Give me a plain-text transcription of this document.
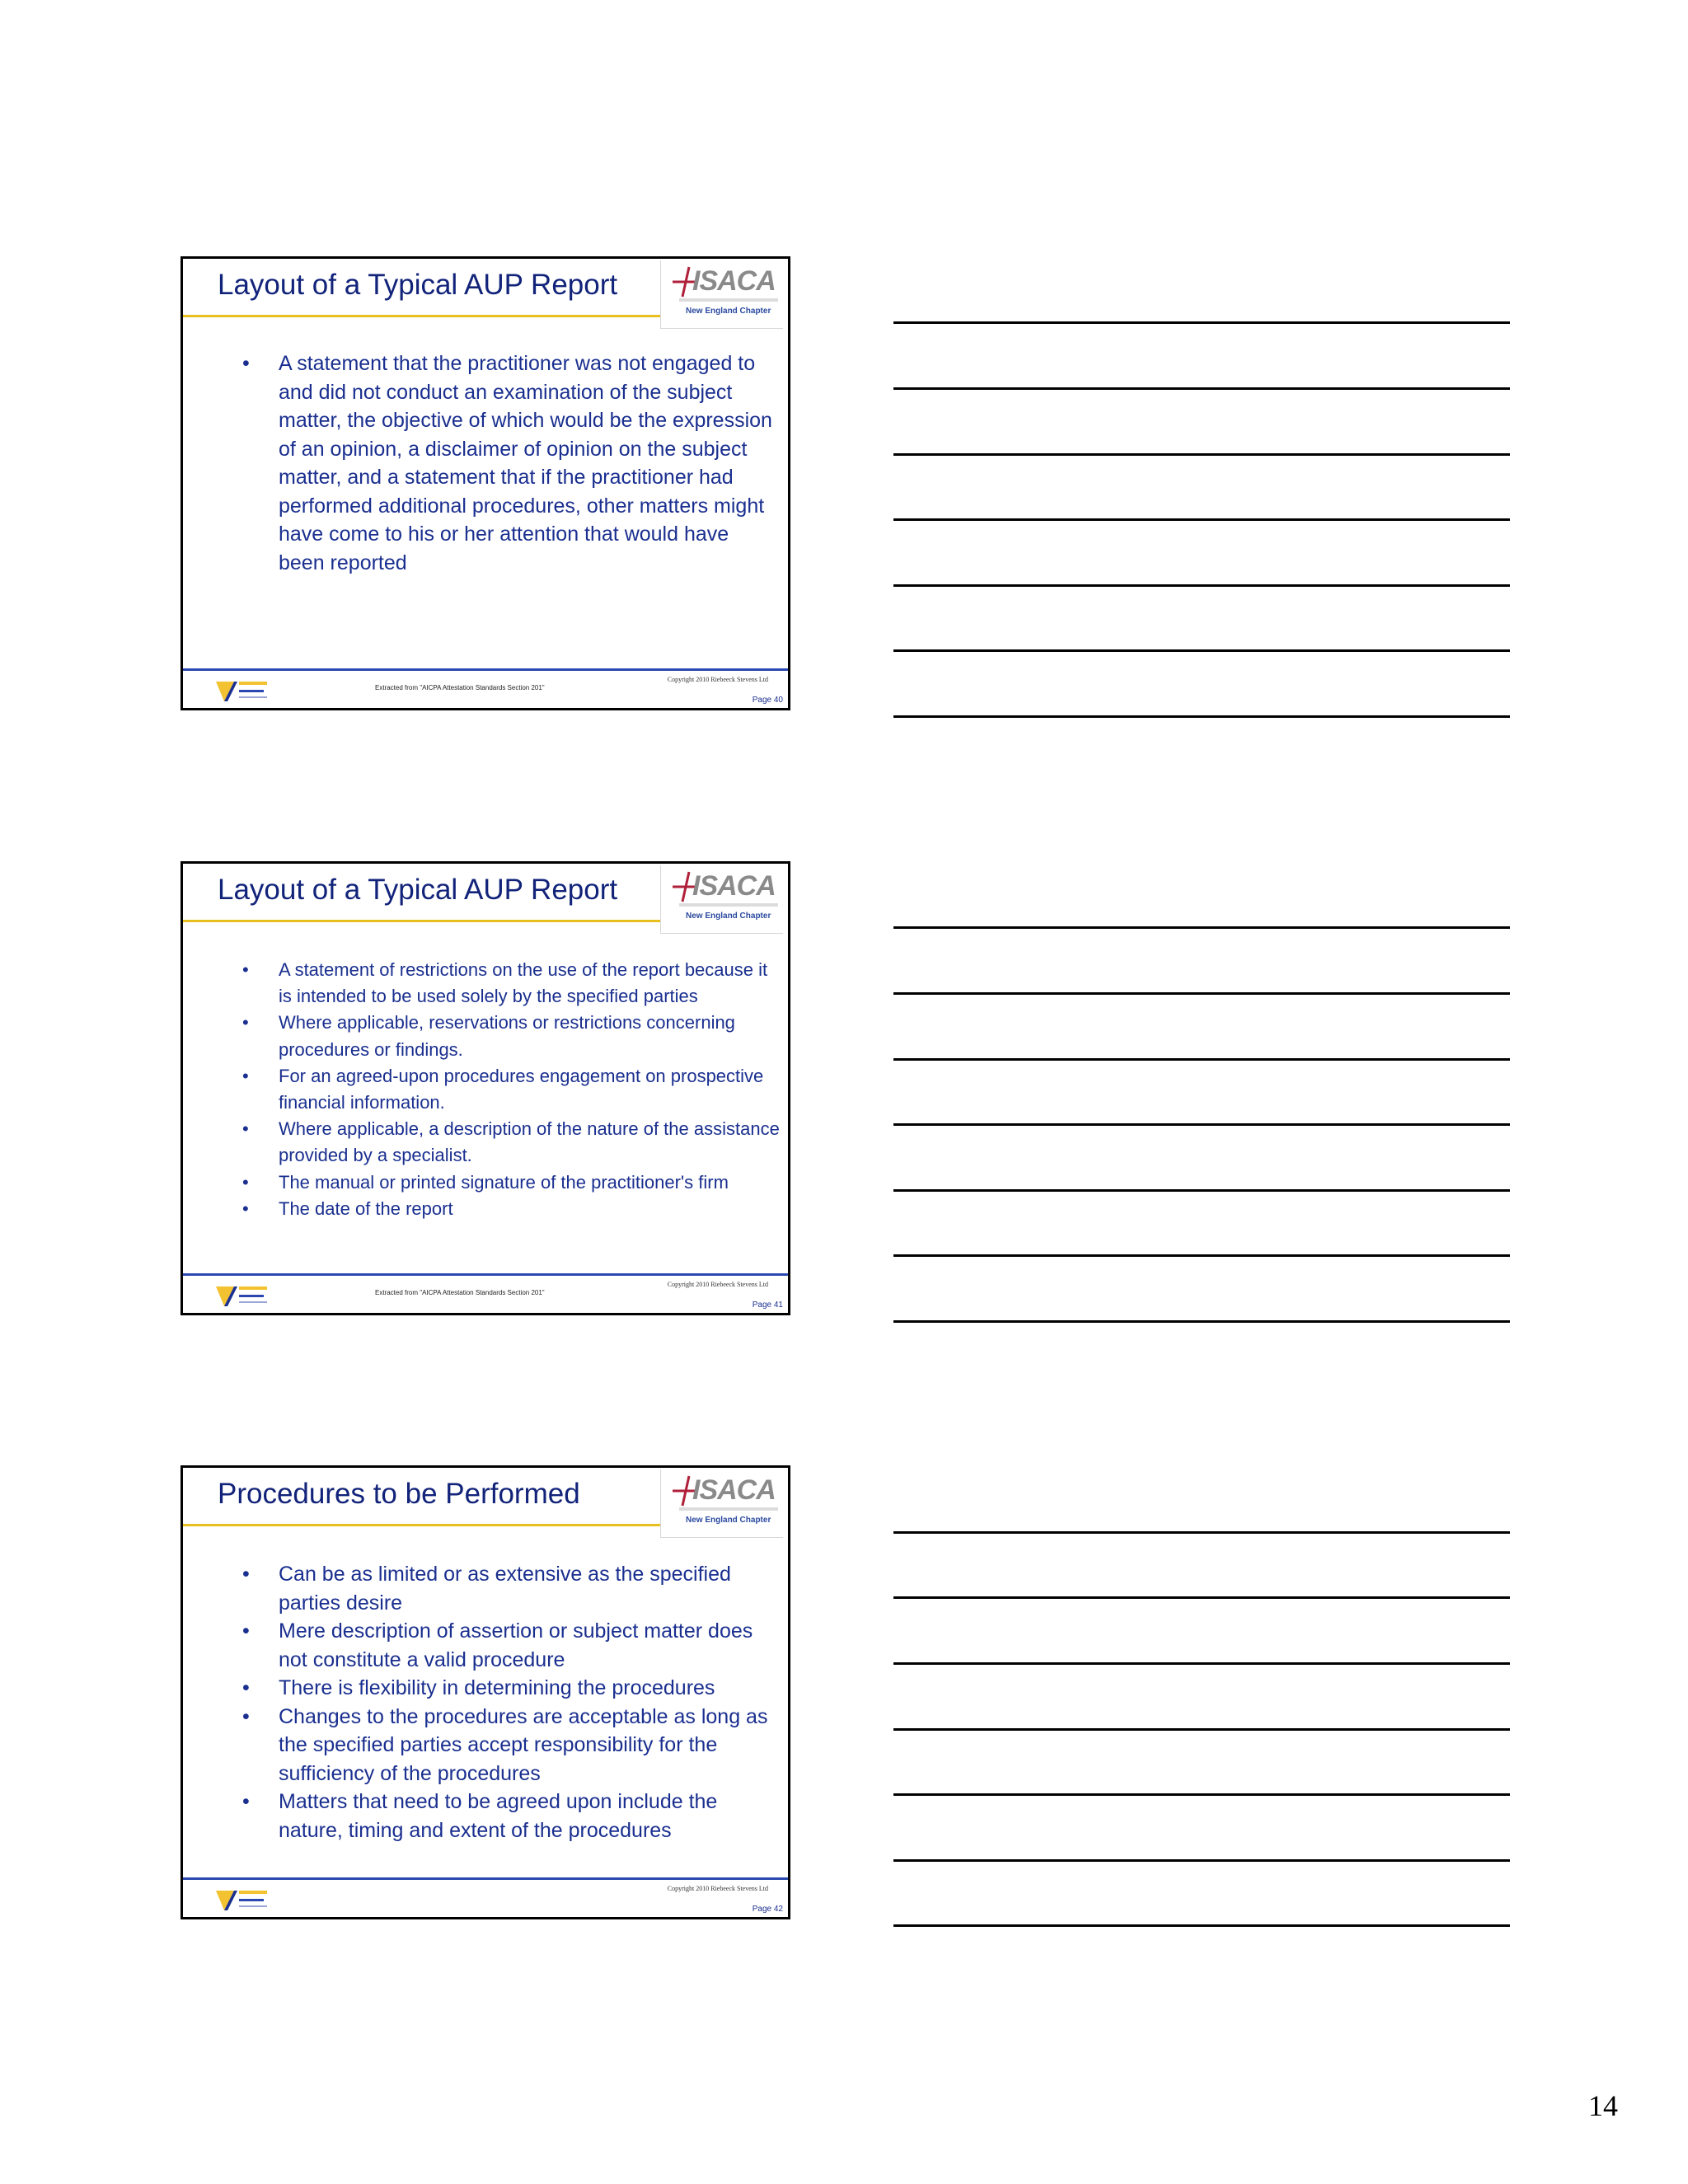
Layout of a Typical AUP Report	ISACA
New England Chapter
• A statement that the practitioner was not engaged to and did not conduct an examination of the subject matter, the objective of which would be the expression of an opinion, a disclaimer of opinion on the subject matter, and a statement that if the practitioner had performed additional procedures, other matters might have come to his or her attention that would have been reported
Extracted from "AICPA Attestation Standards Section 201"
Copyright 2010 Riebeeck Stevens Ltd
Page 40
Layout of a Typical AUP Report	ISACA
New England Chapter
• A statement of restrictions on the use of the report because it is intended to be used solely by the specified parties
• Where applicable, reservations or restrictions concerning procedures or findings.
• For an agreed-upon procedures engagement on prospective financial information.
• Where applicable, a description of the nature of the assistance provided by a specialist.
• The manual or printed signature of the practitioner's firm
• The date of the report
Extracted from "AICPA Attestation Standards Section 201"
Copyright 2010 Riebeeck Stevens Ltd
Page 41
Procedures to be Performed	ISACA
New England Chapter
• Can be as limited or as extensive as the specified parties desire
• Mere description of assertion or subject matter does not constitute a valid procedure
• There is flexibility in determining the procedures
• Changes to the procedures are acceptable as long as the specified parties accept responsibility for the sufficiency of the procedures
• Matters that need to be agreed upon include the nature, timing and extent of the procedures
Copyright 2010 Riebeeck Stevens Ltd
Page 42
14
